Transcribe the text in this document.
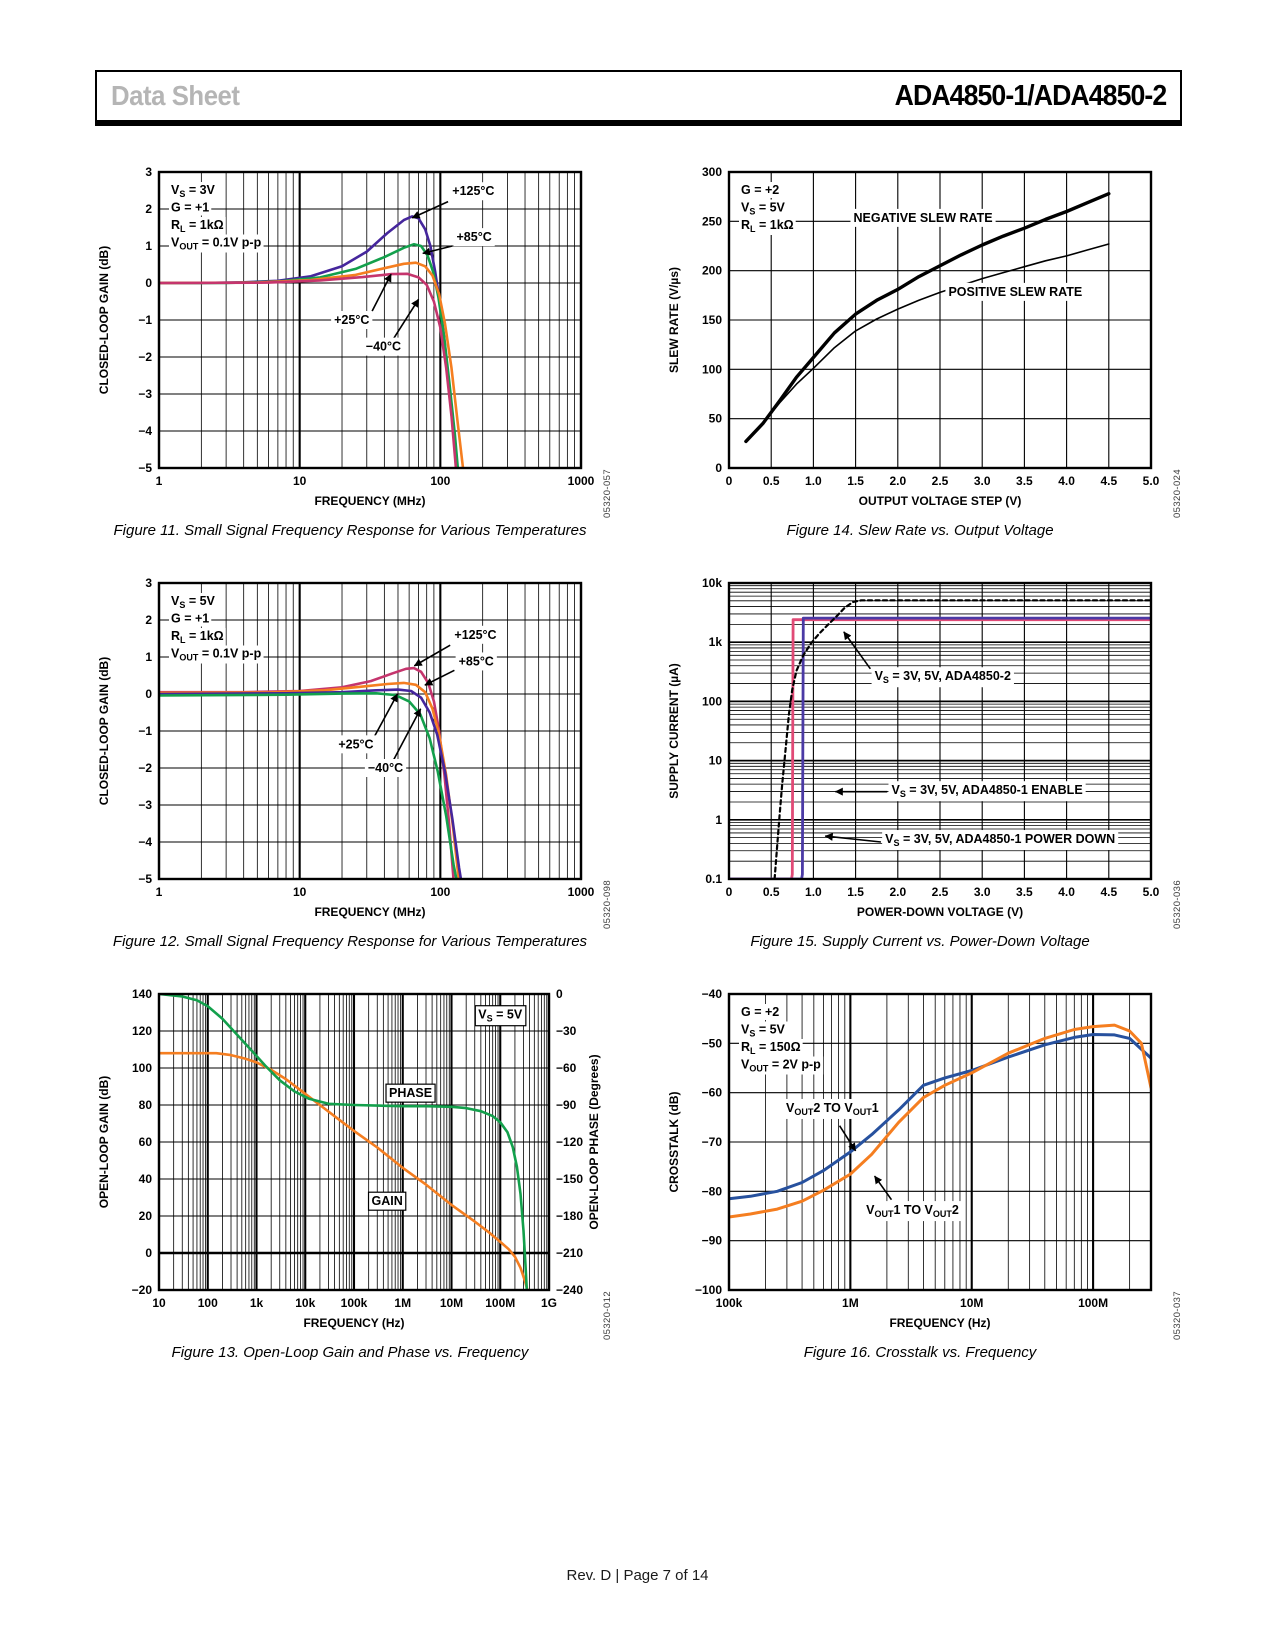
Data Sheet	ADA4850-1/ADA4850-2
1	10	100	1000
3
2
1
0
−1
−2
−3
−4
−5
FREQUENCY (MHz)
CLOSED-LOOP GAIN (dB)
$V_S = 3V$
G = +1
$R_L = 1k\Omega$
$V_{OUT} = 0.1V$ p-p
+125°C
+85°C
+25°C
−40°C
05320-057
Figure 11. Small Signal Frequency Response for Various Temperatures
0	0.5 1.0 1.5 2.0 2.5 3.0 3.5 4.0 4.5 5.0
0
50
100
150
200
250
300
OUTPUT VOLTAGE STEP (V)
SLEW RATE (V/µs)
G = +2
$V_S = 5V$
$R_L = 1k\Omega$
NEGATIVE SLEW RATE
POSITIVE SLEW RATE
05320-024
Figure 14. Slew Rate vs. Output Voltage
1	10	100	1000
3
2
1
0
−1
−2
−3
−4
−5
FREQUENCY (MHz)
CLOSED-LOOP GAIN (dB)
$V_S = 5V$
G = +1
$R_L = 1k\Omega$
$V_{OUT} = 0.1V$ p-p
+125°C
+85°C
+25°C
−40°C
05320-098
Figure 12. Small Signal Frequency Response for Various Temperatures
0	0.5 1.0 1.5 2.0 2.5 3.0 3.5 4.0 4.5 5.0
0.1
1
10
100
1k
10k
POWER-DOWN VOLTAGE (V)
SUPPLY CURRENT (µA)	$V_S = 3V$, 5V, ADA4850-2
$V_S = 3V$, 5V, ADA4850-1 ENABLE
$V_S = 3V$, 5V, ADA4850-1 POWER DOWN
05320-036
Figure 15. Supply Current vs. Power-Down Voltage
10	100	1k	10k 100k 1M 10M 100M 1G
140
120
100
80
60
40
20
0
−20
0
−30
−60
−90
−120
−150
−180
−210
−240
FREQUENCY (Hz)
OPEN-LOOP GAIN (dB)	OPEN-LOOP PHASE (Degrees)
$V_S = 5V$
PHASE
GAIN
05320-012
Figure 13. Open-Loop Gain and Phase vs. Frequency
100k	1M	10M	100M
−40
−50
−60
−70
−80
−90
−100
FREQUENCY (Hz)
CROSSTALK (dB)
G = +2
$V_S = 5V$
$R_L = 150\Omega$
$V_{OUT} = 2V$ p-p
$V_{OUT}2$ TO $V_{OUT}1$
$V_{OUT}1$ TO $V_{OUT}2$
05320-037
Figure 16. Crosstalk vs. Frequency
Rev. D | Page 7 of 14
